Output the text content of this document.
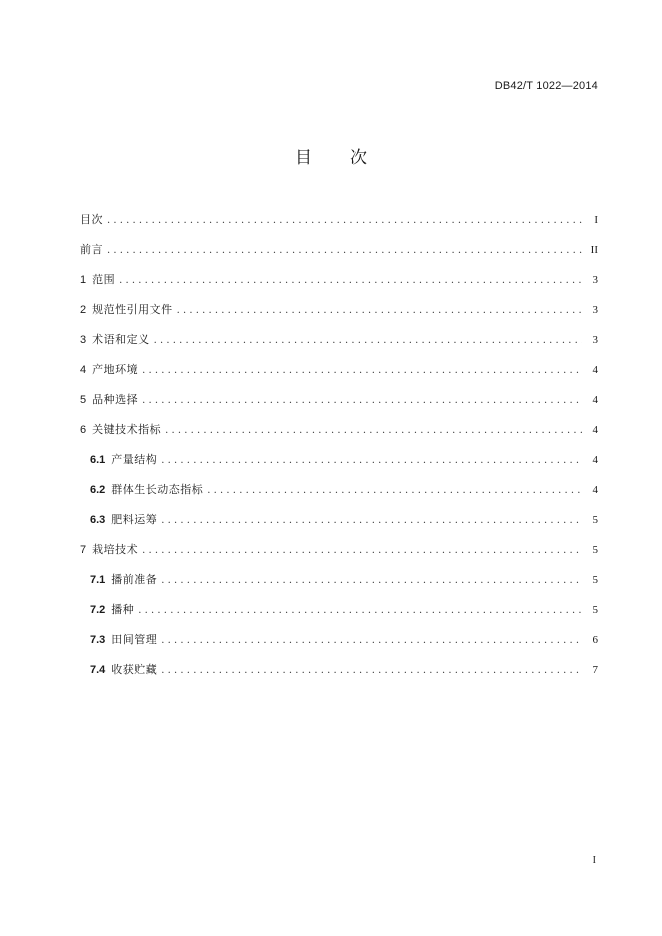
DB42/T 1022—2014
目 次
目次 .....	I
前言 .....	II
1 范围 .....	3
2 规范性引用文件 .....	3
3 术语和定义 .....	3
4 产地环境 .....	4
5 品种选择 .....	4
6 关键技术指标 .....	4
6.1 产量结构 .....	4
6.2 群体生长动态指标 .....	4
6.3 肥料运筹 .....	5
7 栽培技术 .....	5
7.1 播前准备 .....	5
7.2 播种 .....	5
7.3 田间管理 .....	6
7.4 收获贮藏 .....	7
I
